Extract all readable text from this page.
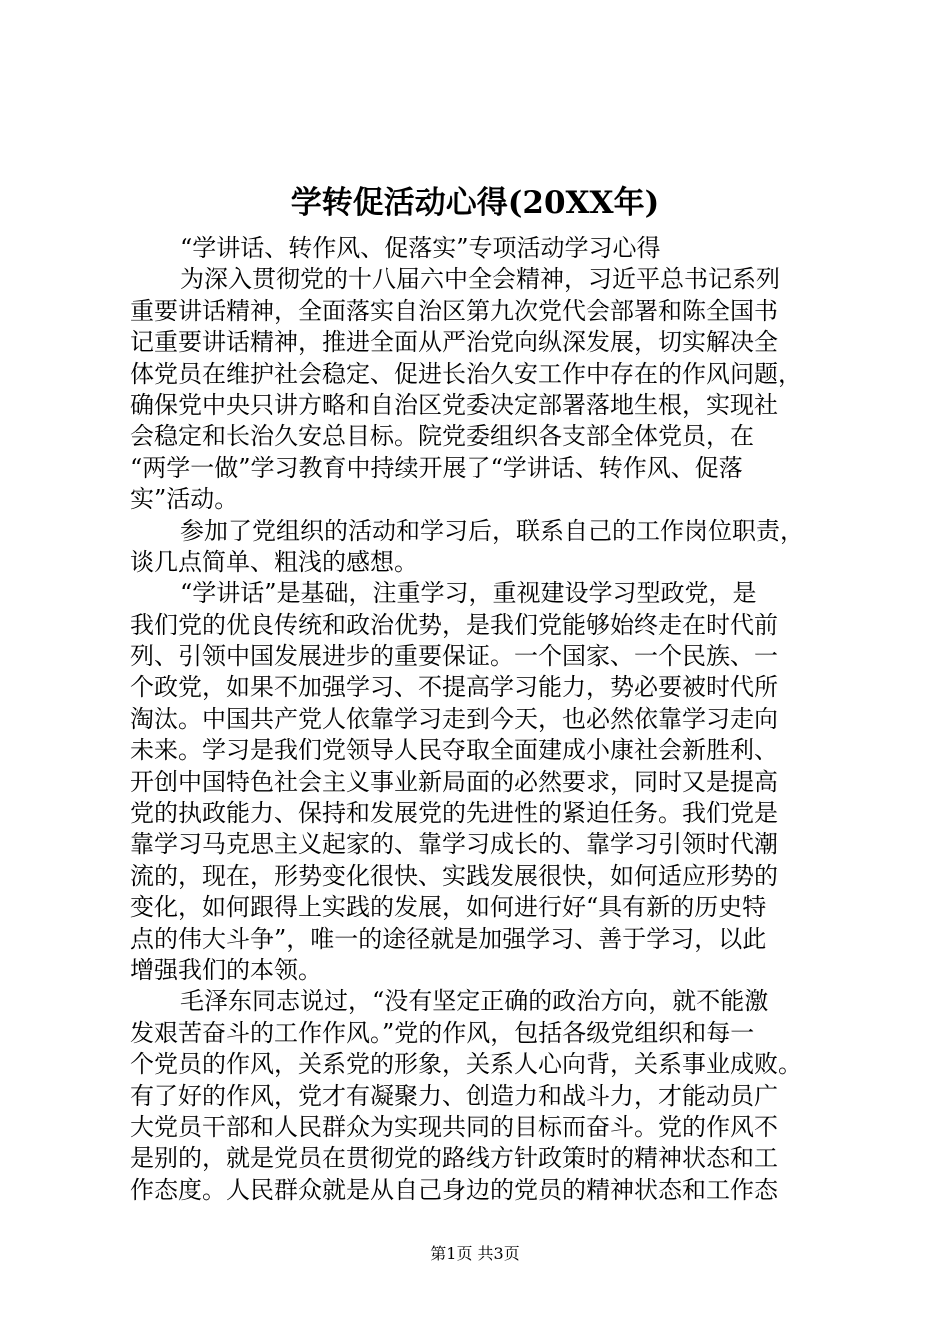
学转促活动心得(20XX年)
“学讲话、转作风、促落实”专项活动学习心得
为深入贯彻党的十八届六中全会精神，习近平总书记系列
重要讲话精神，全面落实自治区第九次党代会部署和陈全国书
记重要讲话精神，推进全面从严治党向纵深发展，切实解决全
体党员在维护社会稳定、促进长治久安工作中存在的作风问题，
确保党中央只讲方略和自治区党委决定部署落地生根，实现社
会稳定和长治久安总目标。院党委组织各支部全体党员，在
“两学一做”学习教育中持续开展了“学讲话、转作风、促落
实”活动。
参加了党组织的活动和学习后，联系自己的工作岗位职责，
谈几点简单、粗浅的感想。
“学讲话”是基础，注重学习，重视建设学习型政党，是
我们党的优良传统和政治优势，是我们党能够始终走在时代前
列、引领中国发展进步的重要保证。一个国家、一个民族、一
个政党，如果不加强学习、不提高学习能力，势必要被时代所
淘汰。中国共产党人依靠学习走到今天，也必然依靠学习走向
未来。学习是我们党领导人民夺取全面建成小康社会新胜利、
开创中国特色社会主义事业新局面的必然要求，同时又是提高
党的执政能力、保持和发展党的先进性的紧迫任务。我们党是
靠学习马克思主义起家的、靠学习成长的、靠学习引领时代潮
流的，现在，形势变化很快、实践发展很快，如何适应形势的
变化，如何跟得上实践的发展，如何进行好“具有新的历史特
点的伟大斗争”，唯一的途径就是加强学习、善于学习，以此
增强我们的本领。
毛泽东同志说过，“没有坚定正确的政治方向，就不能激
发艰苦奋斗的工作作风。”党的作风，包括各级党组织和每一
个党员的作风，关系党的形象，关系人心向背，关系事业成败。
有了好的作风，党才有凝聚力、创造力和战斗力，才能动员广
大党员干部和人民群众为实现共同的目标而奋斗。党的作风不
是别的，就是党员在贯彻党的路线方针政策时的精神状态和工
作态度。人民群众就是从自己身边的党员的精神状态和工作态
第1页 共3页
